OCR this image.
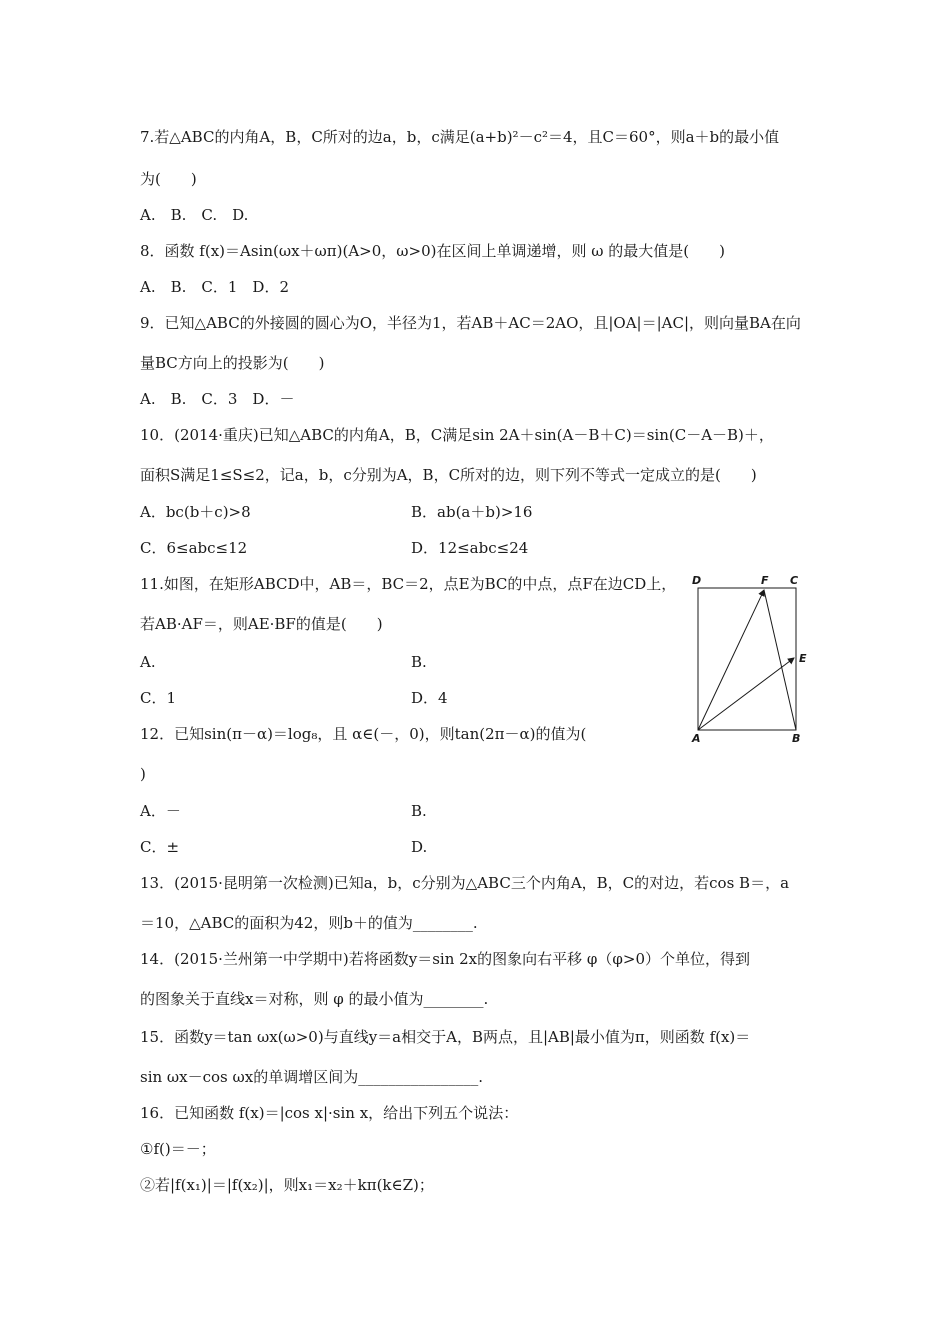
7.若△ABC的内角A，B，C所对的边a，b，c满足(a+b)²－c²＝4，且C＝60°，则a＋b的最小值
为(　　)
A.　B.　C.　D.
8．函数 f(x)＝Asin(ωx＋ωπ)(A>0，ω>0)在区间上单调递增，则 ω 的最大值是(　　)
A.　B.　C．1　D．2
9．已知△ABC的外接圆的圆心为O，半径为1，若AB＋AC＝2AO，且|OA|＝|AC|，则向量BA在向
量BC方向上的投影为(　　)
A.　B.　C．3　D．－
10．(2014·重庆)已知△ABC的内角A，B，C满足sin 2A＋sin(A－B＋C)＝sin(C－A－B)＋，
面积S满足1≤S≤2，记a，b，c分别为A，B，C所对的边，则下列不等式一定成立的是(　　)
A．bc(b＋c)>8	B．ab(a＋b)>16
C．6≤abc≤12	D．12≤abc≤24
11.如图，在矩形ABCD中，AB＝，BC＝2，点E为BC的中点，点F在边CD上，
若AB·AF＝，则AE·BF的值是(　　)
A.	B.
C．1	D．4
D	F C
E
A	B
12．已知sin(π－α)＝log₈，且 α∈(－，0)，则tan(2π－α)的值为(
)
A．－	B.
C．±	D.
13．(2015·昆明第一次检测)已知a，b，c分别为△ABC三个内角A，B，C的对边，若cos B＝，a
＝10，△ABC的面积为42，则b＋的值为________.
14．(2015·兰州第一中学期中)若将函数y＝sin 2x的图象向右平移 φ（φ>0）个单位，得到
的图象关于直线x＝对称，则 φ 的最小值为________.
15．函数y＝tan ωx(ω>0)与直线y＝a相交于A，B两点，且|AB|最小值为π，则函数 f(x)＝
sin ωx－cos ωx的单调增区间为________________.
16．已知函数 f(x)＝|cos x|·sin x，给出下列五个说法：
①f()＝－；
②若|f(x₁)|＝|f(x₂)|，则x₁＝x₂＋kπ(k∈Z)；
